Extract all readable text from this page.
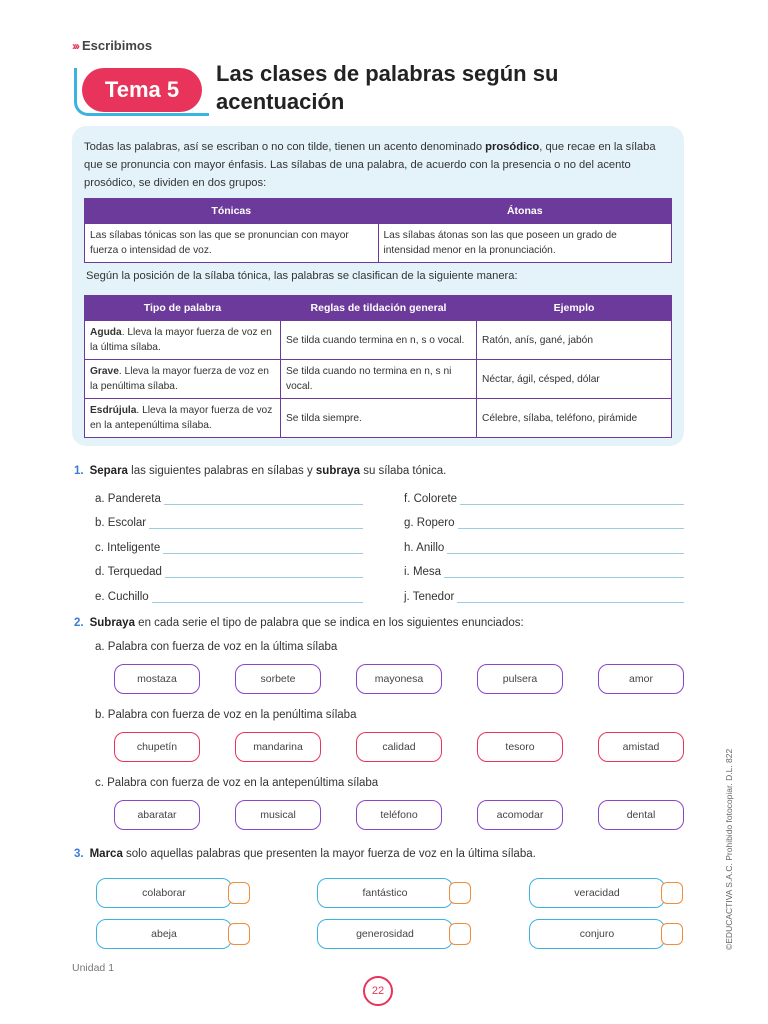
››› Escribimos
Tema 5
Las clases de palabras según su acentuación

Todas las palabras, así se escriban o no con tilde, tienen un acento denominado prosódico, que recae en la sílaba que se pronuncia con mayor énfasis. Las sílabas de una palabra, de acuerdo con la presencia o no del acento prosódico, se dividen en dos grupos:

Tónicas	Átonas
Las sílabas tónicas son las que se pronuncian con mayor fuerza o intensidad de voz.	Las sílabas átonas son las que poseen un grado de intensidad menor en la pronunciación.
Según la posición de la sílaba tónica, las palabras se clasifican de la siguiente manera:
Tipo de palabra	Reglas de tildación general	Ejemplo
Aguda. Lleva la mayor fuerza de voz en la última sílaba.	Se tilda cuando termina en n, s o vocal.	Ratón, anís, gané, jabón
Grave. Lleva la mayor fuerza de voz en la penúltima sílaba.	Se tilda cuando no termina en n, s ni vocal.	Néctar, ágil, césped, dólar
Esdrújula. Lleva la mayor fuerza de voz en la antepenúltima sílaba.	Se tilda siempre.	Célebre, sílaba, teléfono, pirámide
1. Separa las siguientes palabras en sílabas y subraya su sílaba tónica.
a. Pandereta
b. Escolar
c. Inteligente
d. Terquedad
e. Cuchillo
f. Colorete
g. Ropero
h. Anillo
i. Mesa
j. Tenedor
2. Subraya en cada serie el tipo de palabra que se indica en los siguientes enunciados:
a. Palabra con fuerza de voz en la última sílaba
mostaza	sorbete	mayonesa	pulsera	amor
b. Palabra con fuerza de voz en la penúltima sílaba
chupetín	mandarina	calidad	tesoro	amistad
c. Palabra con fuerza de voz en la antepenúltima sílaba
abaratar	musical	teléfono	acomodar	dental
3. Marca solo aquellas palabras que presenten la mayor fuerza de voz en la última sílaba.
colaborar	fantástico	veracidad
abeja	generosidad	conjuro
Unidad 1
22
©EDUCACTIVA S.A.C. Prohibido fotocopiar. D.L. 822
